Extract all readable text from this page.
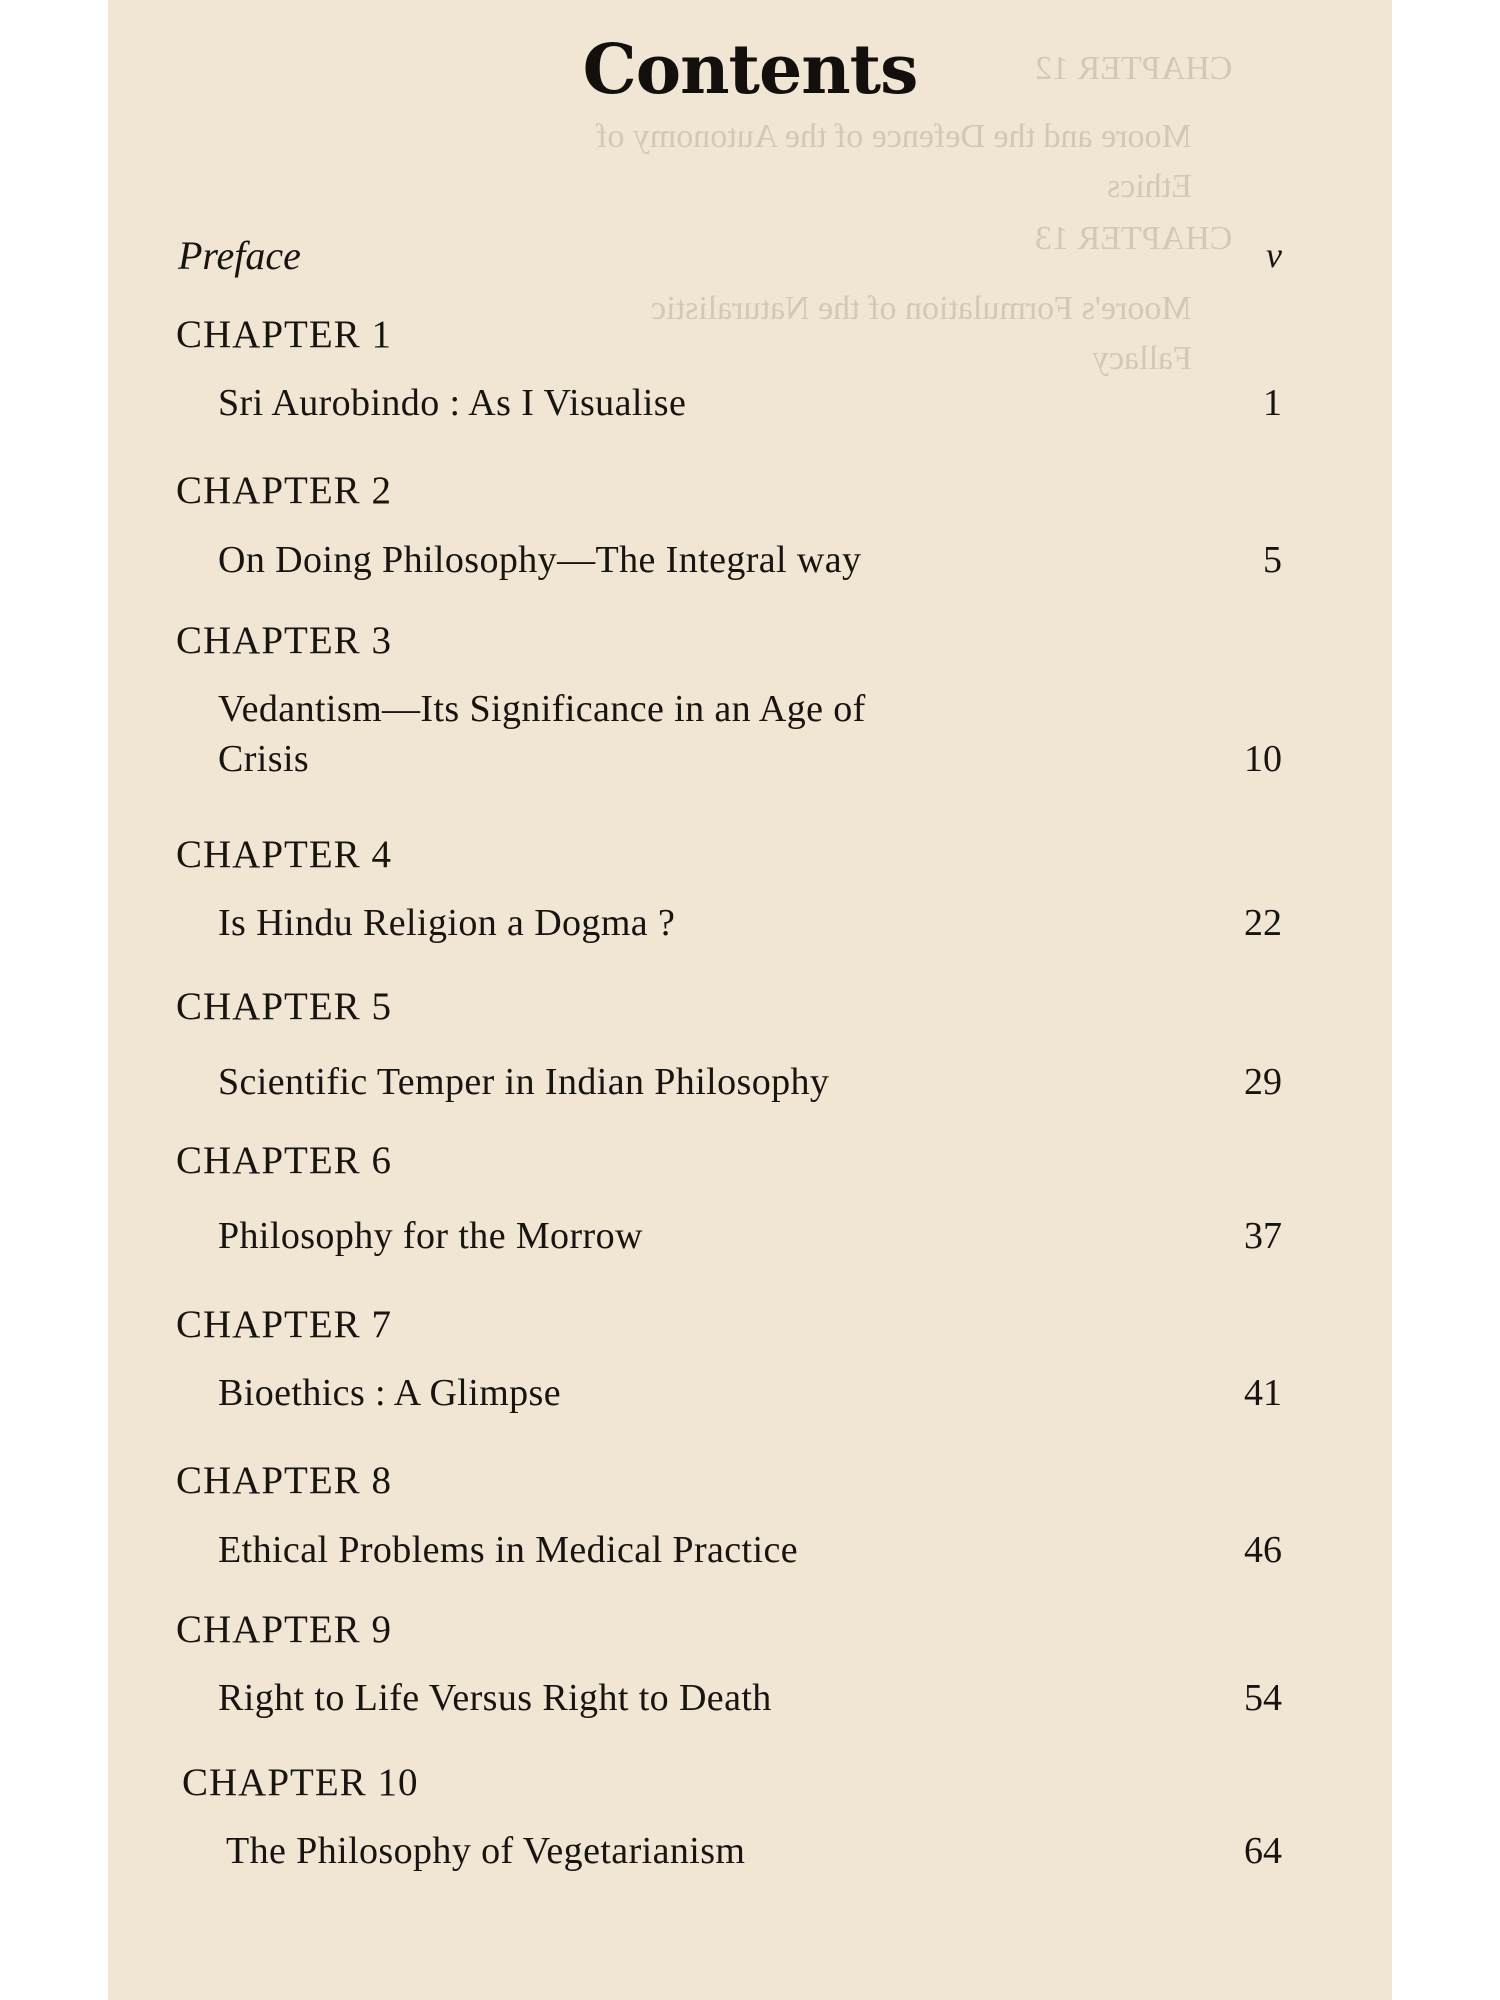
CHAPTER 12
Moore and the Defence of the Autonomy of
Ethics
CHAPTER 13
Moore's Formulation of the Naturalistic
Fallacy
Contents
Preface	v
CHAPTER 1
Sri Aurobindo : As I Visualise	1
CHAPTER 2
On Doing Philosophy—The Integral way	5
CHAPTER 3
Vedantism—Its Significance in an Age of
Crisis	10
CHAPTER 4
Is Hindu Religion a Dogma ?	22
CHAPTER 5
Scientific Temper in Indian Philosophy	29
CHAPTER 6
Philosophy for the Morrow	37
CHAPTER 7
Bioethics : A Glimpse	41
CHAPTER 8
Ethical Problems in Medical Practice	46
CHAPTER 9
Right to Life Versus Right to Death	54
CHAPTER 10
The Philosophy of Vegetarianism	64
